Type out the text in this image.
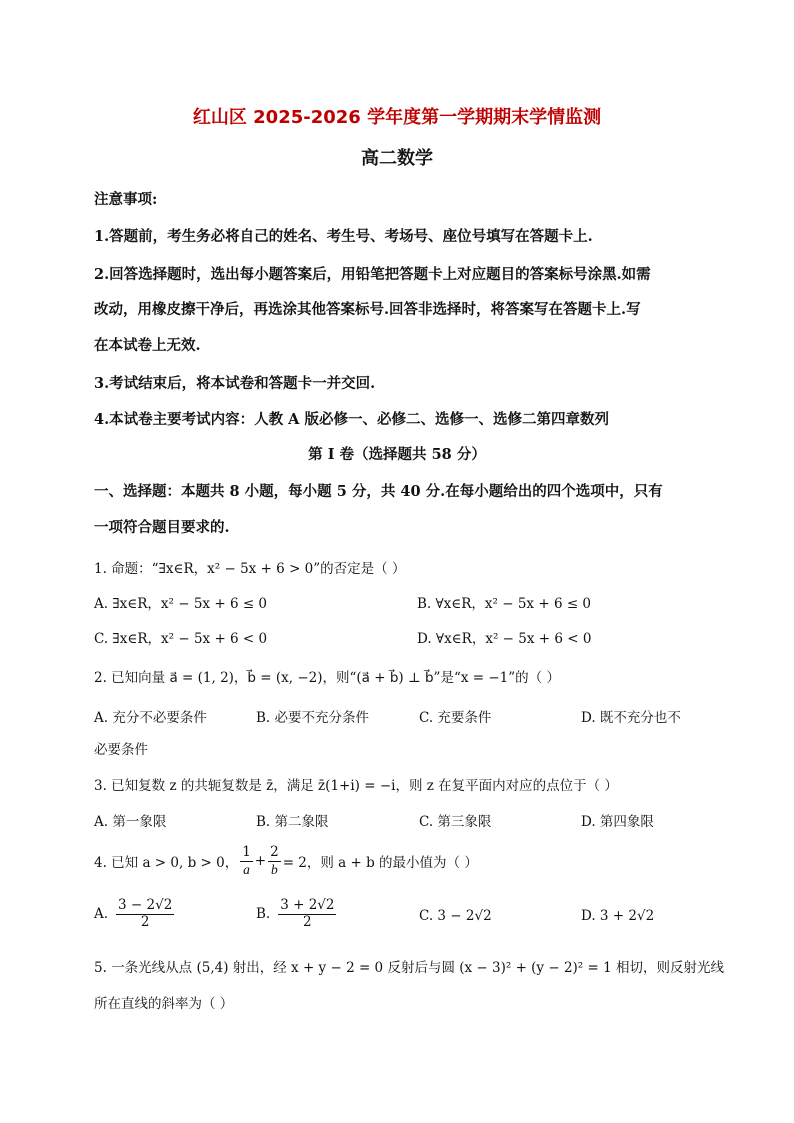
红山区 2025-2026 学年度第一学期期末学情监测
高二数学
注意事项:
1.答题前，考生务必将自己的姓名、考生号、考场号、座位号填写在答题卡上.
2.回答选择题时，选出每小题答案后，用铅笔把答题卡上对应题目的答案标号涂黑.如需
改动，用橡皮擦干净后，再选涂其他答案标号.回答非选择时，将答案写在答题卡上.写
在本试卷上无效.
3.考试结束后，将本试卷和答题卡一并交回.
4.本试卷主要考试内容：人教 A 版必修一、必修二、选修一、选修二第四章数列
第 I 卷（选择题共 58 分）
一、选择题：本题共 8 小题，每小题 5 分，共 40 分.在每小题给出的四个选项中，只有
一项符合题目要求的.
1. 命题：“∃x∈R，x² − 5x + 6 > 0”的否定是（ ）
A. ∃x∈R，x² − 5x + 6 ≤ 0	B. ∀x∈R，x² − 5x + 6 ≤ 0
C. ∃x∈R，x² − 5x + 6 < 0	D. ∀x∈R，x² − 5x + 6 < 0
2. 已知向量 a⃗ = (1, 2)，b⃗ = (x, −2)，则“(a⃗ + b⃗) ⊥ b⃗”是“x = −1”的（ ）
A. 充分不必要条件	B. 必要不充分条件	C. 充要条件	D. 既不充分也不
必要条件
3. 已知复数 z 的共轭复数是 z̄，满足 z̄(1+i) = −i，则 z 在复平面内对应的点位于（ ）
A. 第一象限	B. 第二象限	C. 第三象限	D. 第四象限
4. 已知 a > 0, b > 0， $\frac{1}{a} + \frac{2}{b} = 2$，则 a + b 的最小值为（ ）
A. $\frac{3 - 2√2}{2}$	B. $\frac{3 + 2√2}{2}$	C. 3 − 2√2	D. 3 + 2√2
5. 一条光线从点 (5,4) 射出，经 x + y − 2 = 0 反射后与圆 (x − 3)² + (y − 2)² = 1 相切，则反射光线
所在直线的斜率为（ ）
